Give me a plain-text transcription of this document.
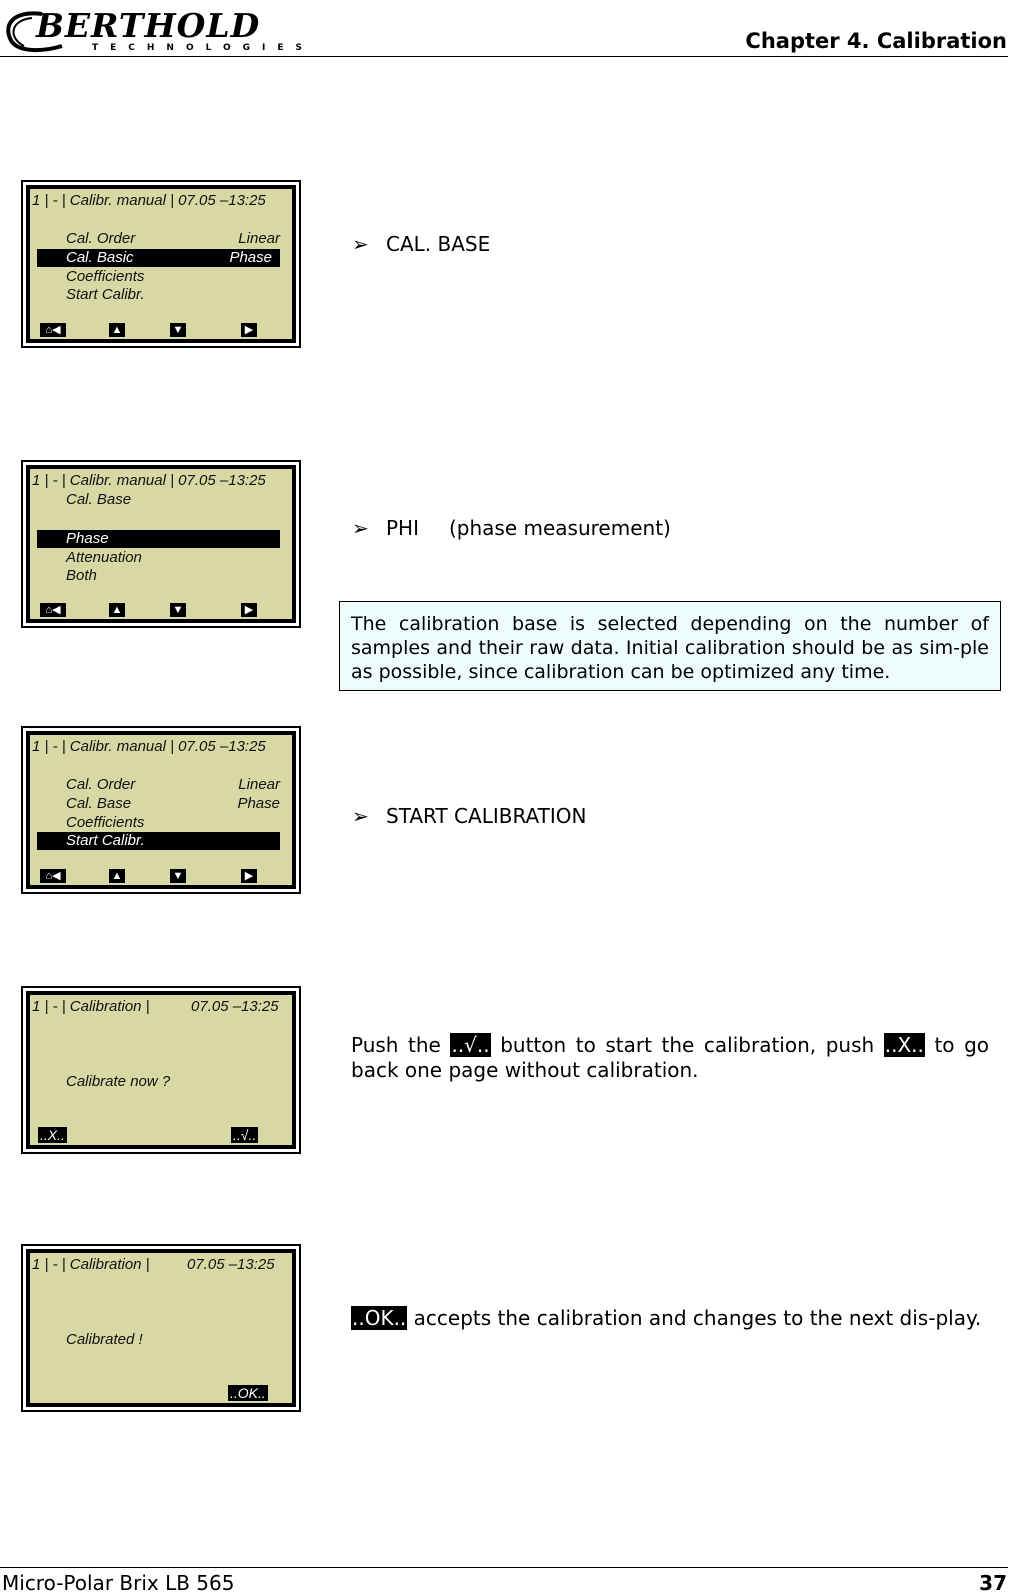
BERTHOLD
TECHNOLOGIES	Chapter 4. Calibration
1 | - | Calibr. manual | 07.05 –13:25
Cal. Order	Linear
Cal. Basic	Phase
Coefficients
Start Calibr.
⌂◀	▲	▼	▶
➢ CAL. BASE
1 | - | Calibr. manual | 07.05 –13:25
Cal. Base
Phase
Attenuation
Both
⌂◀	▲	▼	▶
➢ PHI (phase measurement)
The calibration base is selected depending on the number of samples and their raw data. Initial calibration should be as sim-ple as possible, since calibration can be optimized any time.
1 | - | Calibr. manual | 07.05 –13:25
Cal. Order	Linear
Cal. Base	Phase
Coefficients
Start Calibr.
⌂◀	▲	▼	▶
➢ START CALIBRATION
1 | - | Calibration |	07.05 –13:25
Calibrate now ?
..X..	..√..
Push the ..√.. button to start the calibration, push ..X.. to go back one page without calibration.
1 | - | Calibration | 07.05 –13:25
Calibrated !
..OK..
..OK.. accepts the calibration and changes to the next dis-play.
Micro-Polar Brix LB 565	37
